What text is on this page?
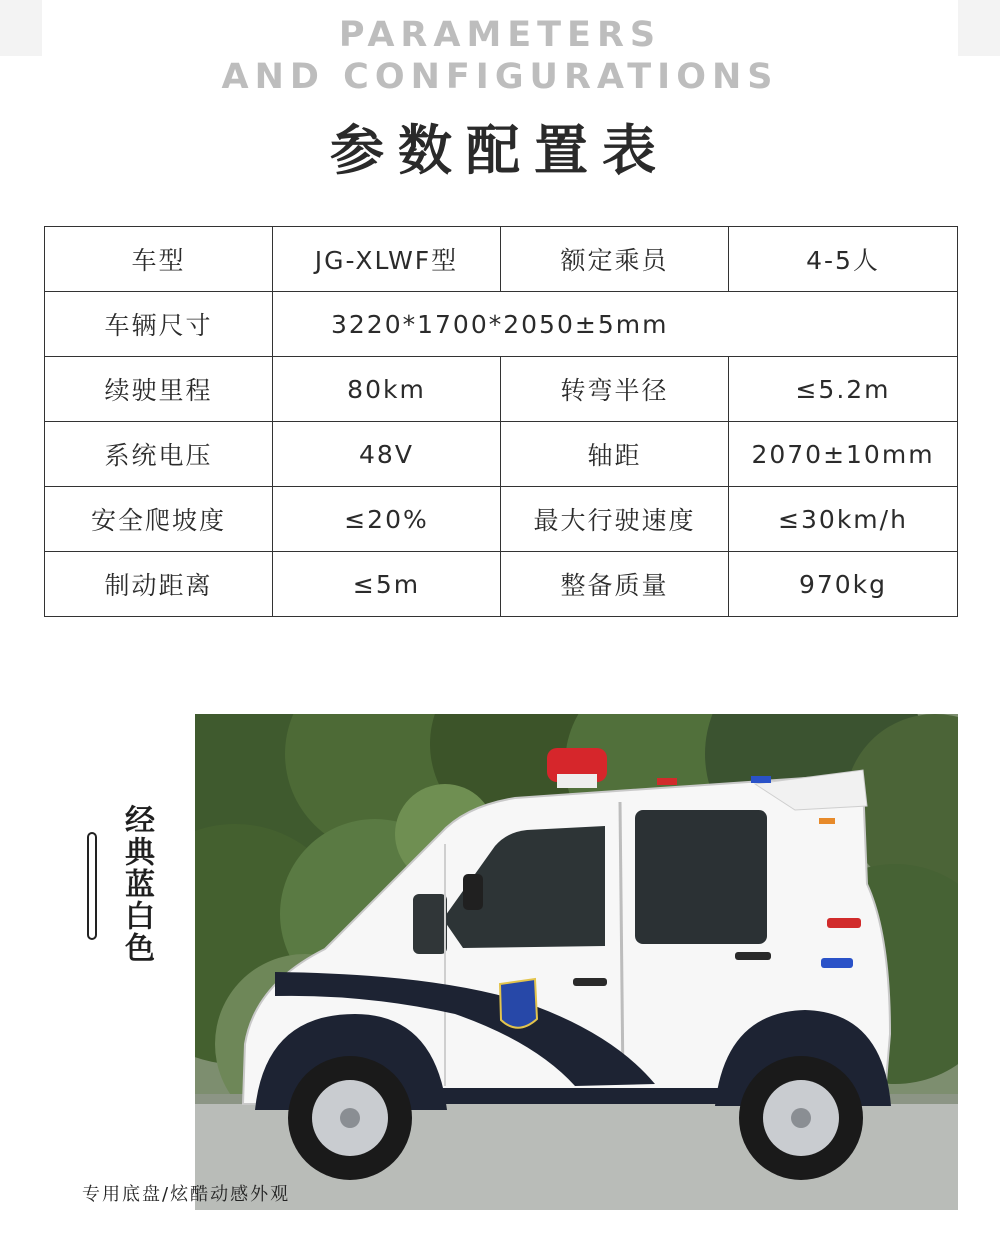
PARAMETERS
AND CONFIGURATIONS
参数配置表
车型	JG-XLWF型	额定乘员	4-5人
车辆尺寸	3220*1700*2050±5mm		
续驶里程	80km	转弯半径	≤5.2m
系统电压	48V	轴距	2070±10mm
安全爬坡度	≤20%	最大行驶速度	≤30km/h
制动距离	≤5m	整备质量	970kg
经典蓝白色
专用底盘/炫酷动感外观
